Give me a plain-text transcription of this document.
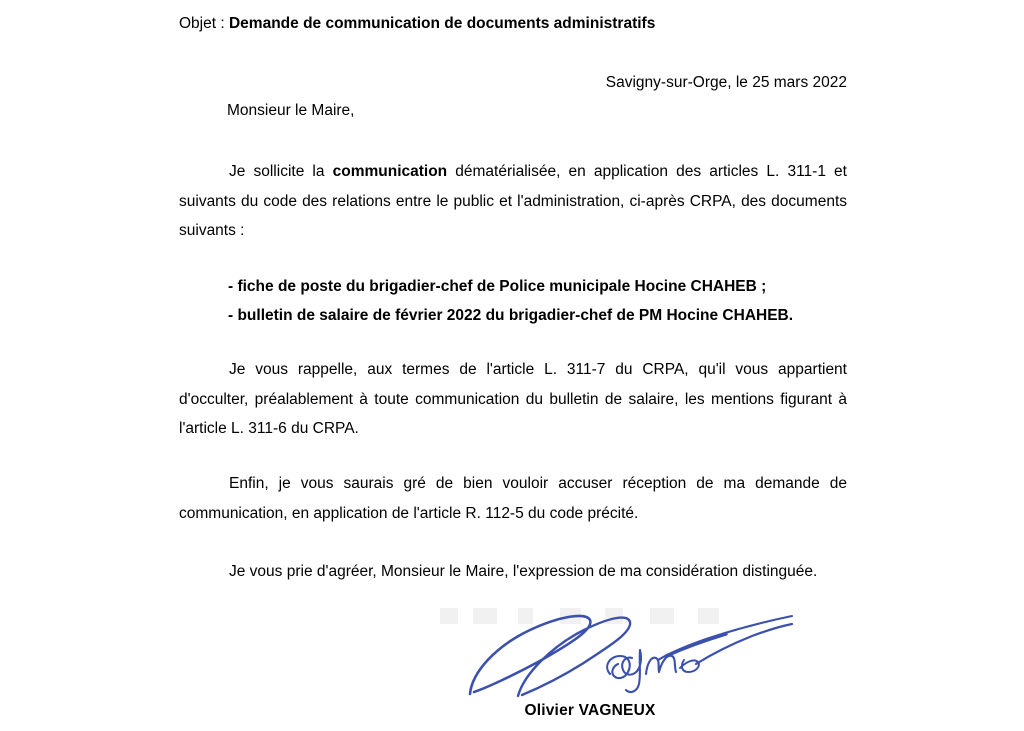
Objet : Demande de communication de documents administratifs
Savigny-sur-Orge, le 25 mars 2022
Monsieur le Maire,

Je sollicite la communication dématérialisée, en application des articles L. 311-1 et suivants du code des relations entre le public et l'administration, ci-après CRPA, des documents suivants :

- fiche de poste du brigadier-chef de Police municipale Hocine CHAHEB ;
- bulletin de salaire de février 2022 du brigadier-chef de PM Hocine CHAHEB.

Je vous rappelle, aux termes de l'article L. 311-7 du CRPA, qu'il vous appartient d'occulter, préalablement à toute communication du bulletin de salaire, les mentions figurant à l'article L. 311-6 du CRPA.

Enfin, je vous saurais gré de bien vouloir accuser réception de ma demande de communication, en application de l'article R. 112-5 du code précité.

Je vous prie d'agréer, Monsieur le Maire, l'expression de ma considération distinguée.

Olivier VAGNEUX
